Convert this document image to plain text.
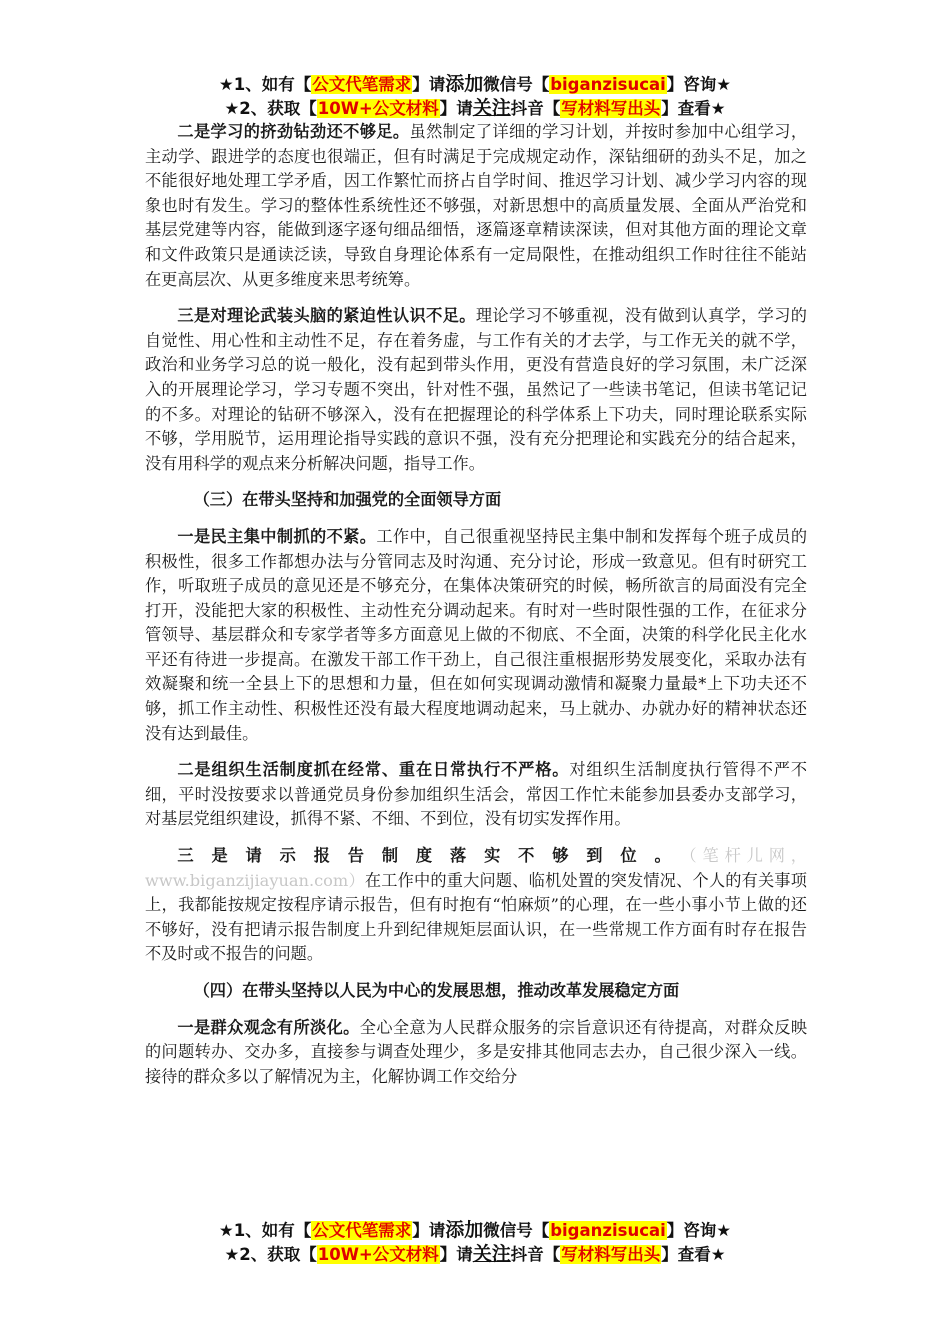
★1、如有【公文代笔需求】请添加微信号【biganzisucai】咨询★
★2、获取【10W+公文材料】请关注抖音【写材料写出头】查看★

二是学习的挤劲钻劲还不够足。虽然制定了详细的学习计划，并按时参加中心组学习，主动学、跟进学的态度也很端正，但有时满足于完成规定动作，深钻细研的劲头不足，加之不能很好地处理工学矛盾，因工作繁忙而挤占自学时间、推迟学习计划、减少学习内容的现象也时有发生。学习的整体性系统性还不够强，对新思想中的高质量发展、全面从严治党和基层党建等内容，能做到逐字逐句细品细悟，逐篇逐章精读深读，但对其他方面的理论文章和文件政策只是通读泛读，导致自身理论体系有一定局限性，在推动组织工作时往往不能站在更高层次、从更多维度来思考统筹。

三是对理论武装头脑的紧迫性认识不足。理论学习不够重视，没有做到认真学，学习的自觉性、用心性和主动性不足，存在着务虚，与工作有关的才去学，与工作无关的就不学，政治和业务学习总的说一般化，没有起到带头作用，更没有营造良好的学习氛围，未广泛深入的开展理论学习，学习专题不突出，针对性不强，虽然记了一些读书笔记，但读书笔记记的不多。对理论的钻研不够深入，没有在把握理论的科学体系上下功夫，同时理论联系实际不够，学用脱节，运用理论指导实践的意识不强，没有充分把理论和实践充分的结合起来，没有用科学的观点来分析解决问题，指导工作。

（三）在带头坚持和加强党的全面领导方面

一是民主集中制抓的不紧。工作中，自己很重视坚持民主集中制和发挥每个班子成员的积极性，很多工作都想办法与分管同志及时沟通、充分讨论，形成一致意见。但有时研究工作，听取班子成员的意见还是不够充分，在集体决策研究的时候，畅所欲言的局面没有完全打开，没能把大家的积极性、主动性充分调动起来。有时对一些时限性强的工作，在征求分管领导、基层群众和专家学者等多方面意见上做的不彻底、不全面，决策的科学化民主化水平还有待进一步提高。在激发干部工作干劲上，自己很注重根据形势发展变化，采取办法有效凝聚和统一全县上下的思想和力量，但在如何实现调动激情和凝聚力量最*上下功夫还不够，抓工作主动性、积极性还没有最大程度地调动起来，马上就办、办就办好的精神状态还没有达到最佳。

二是组织生活制度抓在经常、重在日常执行不严格。对组织生活制度执行管得不严不细，平时没按要求以普通党员身份参加组织生活会，常因工作忙未能参加县委办支部学习，对基层党组织建设，抓得不紧、不细、不到位，没有切实发挥作用。

三是请示报告制度落实不够到位。（笔杆儿网，www.biganzijiayuan.com）在工作中的重大问题、临机处置的突发情况、个人的有关事项上，我都能按规定按程序请示报告，但有时抱有“怕麻烦”的心理，在一些小事小节上做的还不够好，没有把请示报告制度上升到纪律规矩层面认识，在一些常规工作方面有时存在报告不及时或不报告的问题。

（四）在带头坚持以人民为中心的发展思想，推动改革发展稳定方面

一是群众观念有所淡化。全心全意为人民群众服务的宗旨意识还有待提高，对群众反映的问题转办、交办多，直接参与调查处理少，多是安排其他同志去办，自己很少深入一线。接待的群众多以了解情况为主，化解协调工作交给分

★1、如有【公文代笔需求】请添加微信号【biganzisucai】咨询★
★2、获取【10W+公文材料】请关注抖音【写材料写出头】查看★
